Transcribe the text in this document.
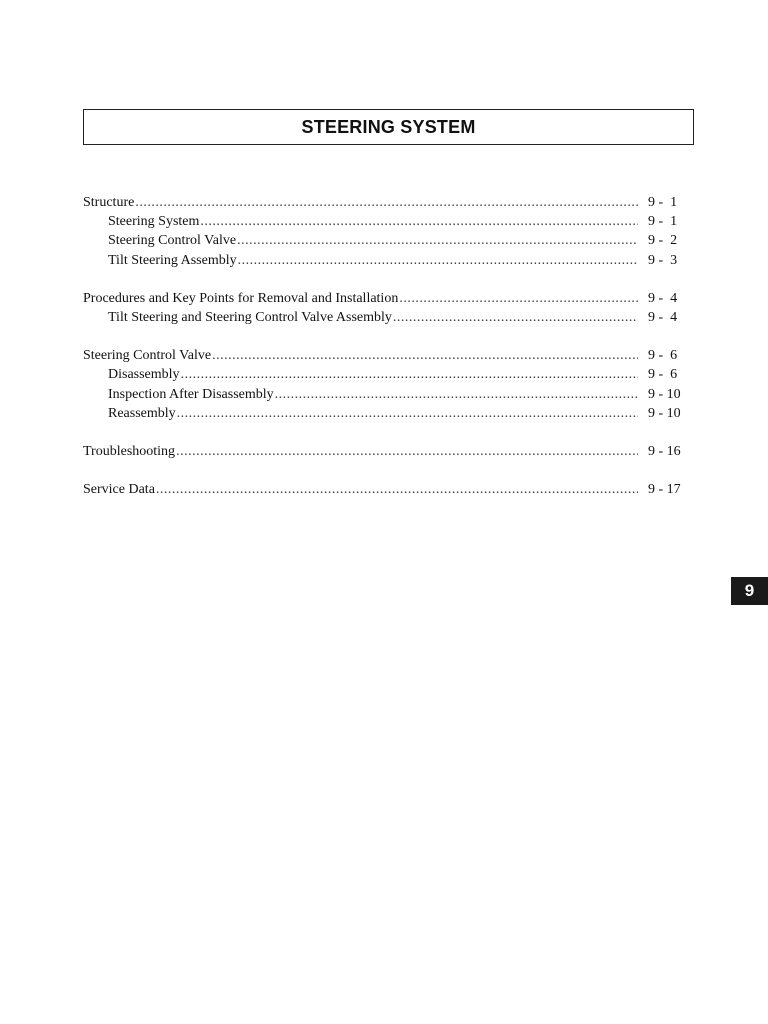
STEERING SYSTEM
Structure .....	9 -  1
Steering System .....	9 -  1
Steering Control Valve .....	9 -  2
Tilt Steering Assembly .....	9 -  3
Procedures and Key Points for Removal and Installation .....	9 -  4
Tilt Steering and Steering Control Valve Assembly .....	9 -  4
Steering Control Valve .....	9 -  6
Disassembly .....	9 -  6
Inspection After Disassembly .....	9 - 10
Reassembly .....	9 - 10
Troubleshooting .....	9 - 16
Service Data .....	9 - 17
9
